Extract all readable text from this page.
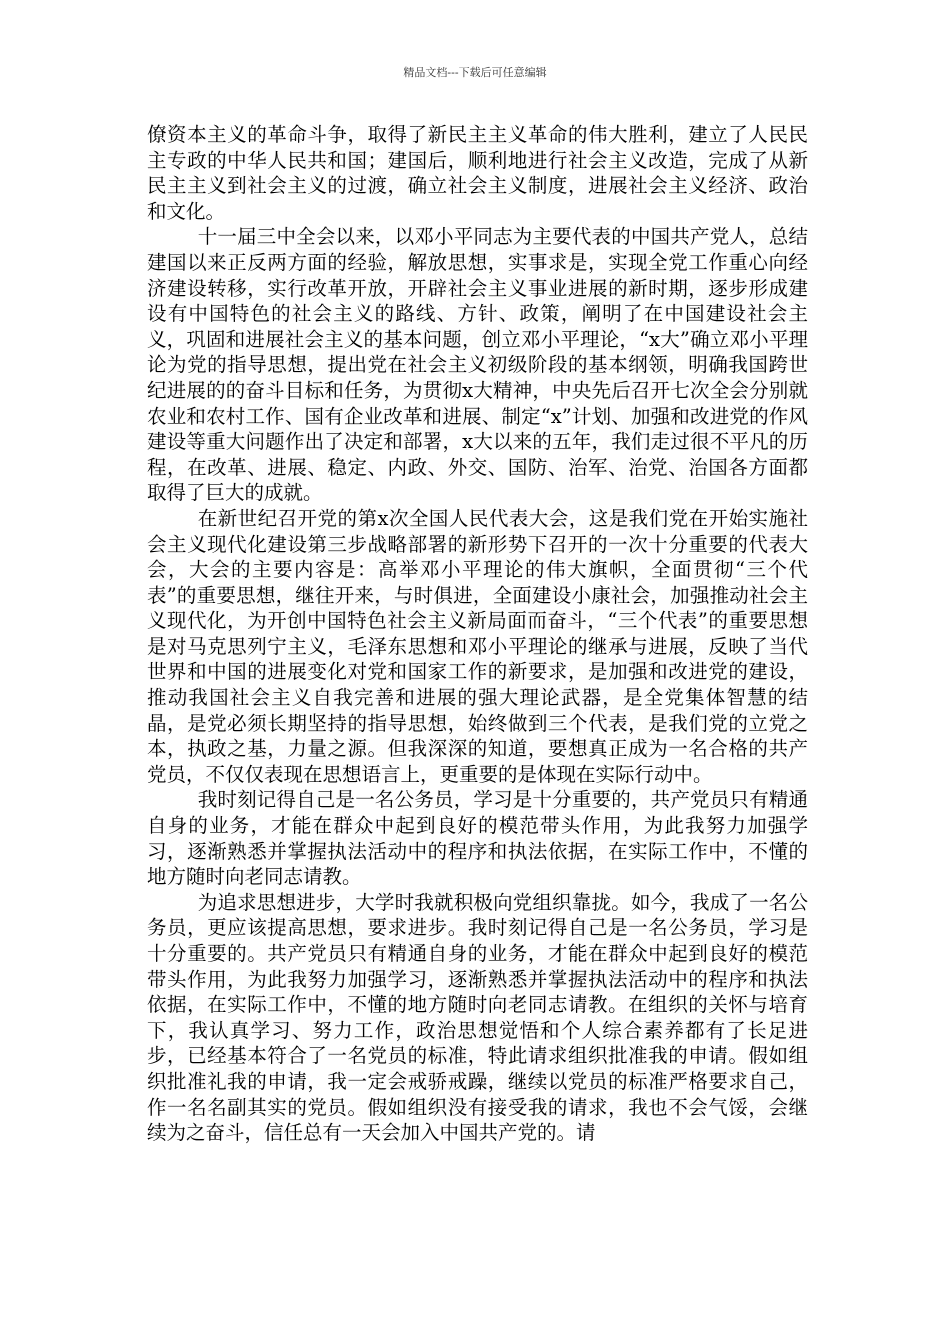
精品文档---下载后可任意编辑

僚资本主义的革命斗争，取得了新民主主义革命的伟大胜利，建立了人民民主专政的中华人民共和国；建国后，顺利地进行社会主义改造，完成了从新民主主义到社会主义的过渡，确立社会主义制度，进展社会主义经济、政治和文化。

十一届三中全会以来，以邓小平同志为主要代表的中国共产党人，总结建国以来正反两方面的经验，解放思想，实事求是，实现全党工作重心向经济建设转移，实行改革开放，开辟社会主义事业进展的新时期，逐步形成建设有中国特色的社会主义的路线、方针、政策，阐明了在中国建设社会主义，巩固和进展社会主义的基本问题，创立邓小平理论，“x大”确立邓小平理论为党的指导思想，提出党在社会主义初级阶段的基本纲领，明确我国跨世纪进展的的奋斗目标和任务，为贯彻x大精神，中央先后召开七次全会分别就农业和农村工作、国有企业改革和进展、制定“x”计划、加强和改进党的作风建设等重大问题作出了决定和部署，x大以来的五年，我们走过很不平凡的历程，在改革、进展、稳定、内政、外交、国防、治军、治党、治国各方面都取得了巨大的成就。

在新世纪召开党的第x次全国人民代表大会，这是我们党在开始实施社会主义现代化建设第三步战略部署的新形势下召开的一次十分重要的代表大会，大会的主要内容是：高举邓小平理论的伟大旗帜，全面贯彻“三个代表”的重要思想，继往开来，与时俱进，全面建设小康社会，加强推动社会主义现代化，为开创中国特色社会主义新局面而奋斗，“三个代表”的重要思想是对马克思列宁主义，毛泽东思想和邓小平理论的继承与进展，反映了当代世界和中国的进展变化对党和国家工作的新要求，是加强和改进党的建设，推动我国社会主义自我完善和进展的强大理论武器，是全党集体智慧的结晶，是党必须长期坚持的指导思想，始终做到三个代表，是我们党的立党之本，执政之基，力量之源。但我深深的知道，要想真正成为一名合格的共产党员，不仅仅表现在思想语言上，更重要的是体现在实际行动中。

我时刻记得自己是一名公务员，学习是十分重要的，共产党员只有精通自身的业务，才能在群众中起到良好的模范带头作用，为此我努力加强学习，逐渐熟悉并掌握执法活动中的程序和执法依据，在实际工作中，不懂的地方随时向老同志请教。

为追求思想进步，大学时我就积极向党组织靠拢。如今，我成了一名公务员，更应该提高思想，要求进步。我时刻记得自己是一名公务员，学习是十分重要的。共产党员只有精通自身的业务，才能在群众中起到良好的模范带头作用，为此我努力加强学习，逐渐熟悉并掌握执法活动中的程序和执法依据，在实际工作中，不懂的地方随时向老同志请教。在组织的关怀与培育下，我认真学习、努力工作，政治思想觉悟和个人综合素养都有了长足进步，已经基本符合了一名党员的标准，特此请求组织批准我的申请。假如组织批准礼我的申请，我一定会戒骄戒躁，继续以党员的标准严格要求自己，作一名名副其实的党员。假如组织没有接受我的请求，我也不会气馁，会继续为之奋斗，信任总有一天会加入中国共产党的。请
